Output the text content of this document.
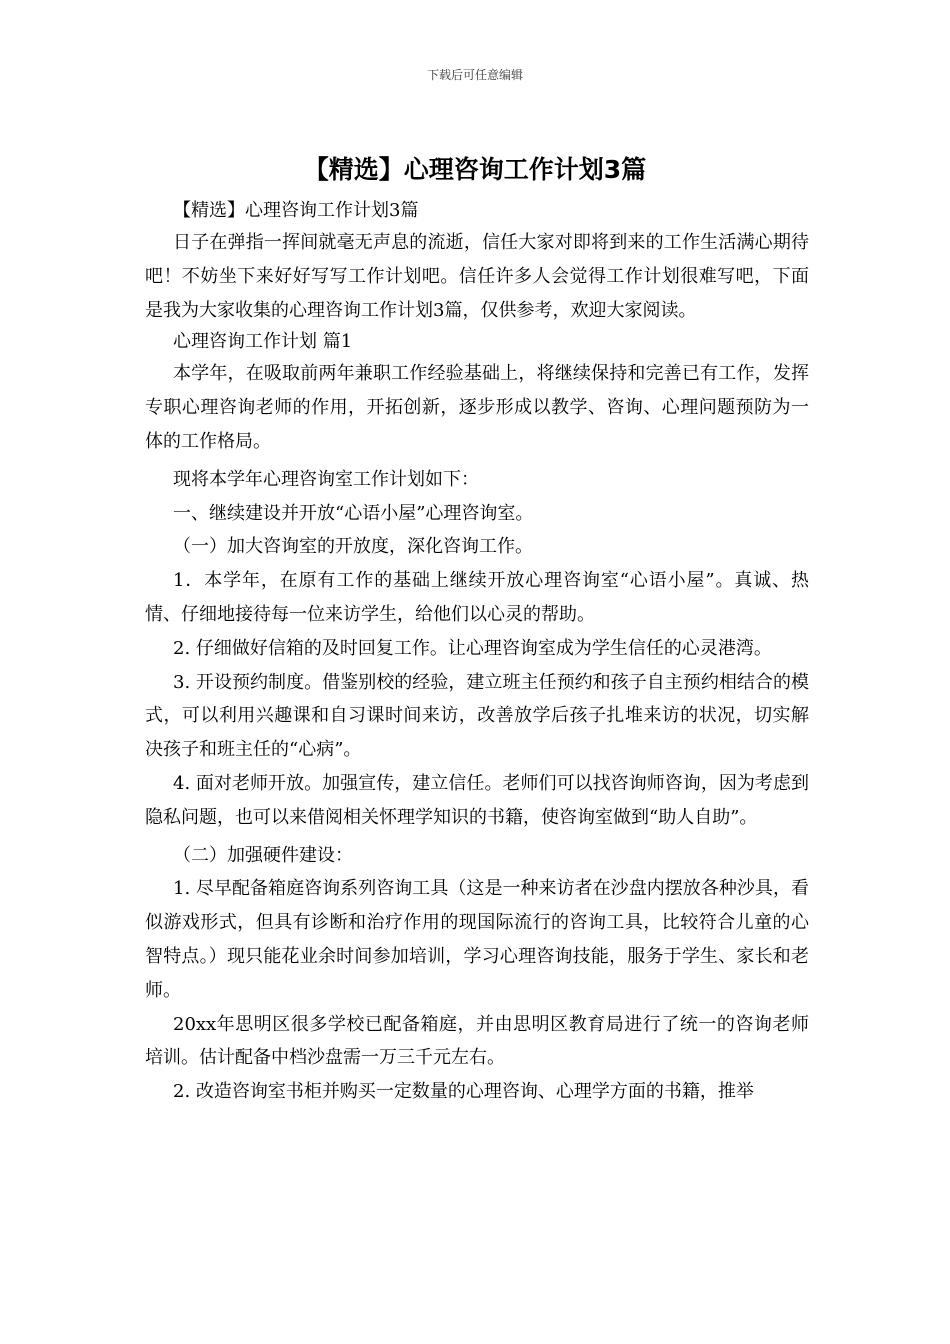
下载后可任意编辑
【精选】心理咨询工作计划3篇

【精选】心理咨询工作计划3篇

日子在弹指一挥间就毫无声息的流逝，信任大家对即将到来的工作生活满心期待吧！不妨坐下来好好写写工作计划吧。信任许多人会觉得工作计划很难写吧，下面是我为大家收集的心理咨询工作计划3篇，仅供参考，欢迎大家阅读。

心理咨询工作计划 篇1

本学年，在吸取前两年兼职工作经验基础上，将继续保持和完善已有工作，发挥专职心理咨询老师的作用，开拓创新，逐步形成以教学、咨询、心理问题预防为一体的工作格局。

现将本学年心理咨询室工作计划如下：

一、继续建设并开放“心语小屋”心理咨询室。

（一）加大咨询室的开放度，深化咨询工作。

1．本学年，在原有工作的基础上继续开放心理咨询室“心语小屋”。真诚、热情、仔细地接待每一位来访学生，给他们以心灵的帮助。

2. 仔细做好信箱的及时回复工作。让心理咨询室成为学生信任的心灵港湾。

3. 开设预约制度。借鉴别校的经验，建立班主任预约和孩子自主预约相结合的模式，可以利用兴趣课和自习课时间来访，改善放学后孩子扎堆来访的状况，切实解决孩子和班主任的“心病”。

4. 面对老师开放。加强宣传，建立信任。老师们可以找咨询师咨询，因为考虑到隐私问题，也可以来借阅相关怀理学知识的书籍，使咨询室做到“助人自助”。

（二）加强硬件建设：

1. 尽早配备箱庭咨询系列咨询工具（这是一种来访者在沙盘内摆放各种沙具，看似游戏形式，但具有诊断和治疗作用的现国际流行的咨询工具，比较符合儿童的心智特点。）现只能花业余时间参加培训，学习心理咨询技能，服务于学生、家长和老师。

20xx年思明区很多学校已配备箱庭，并由思明区教育局进行了统一的咨询老师培训。估计配备中档沙盘需一万三千元左右。

2. 改造咨询室书柜并购买一定数量的心理咨询、心理学方面的书籍，推举
